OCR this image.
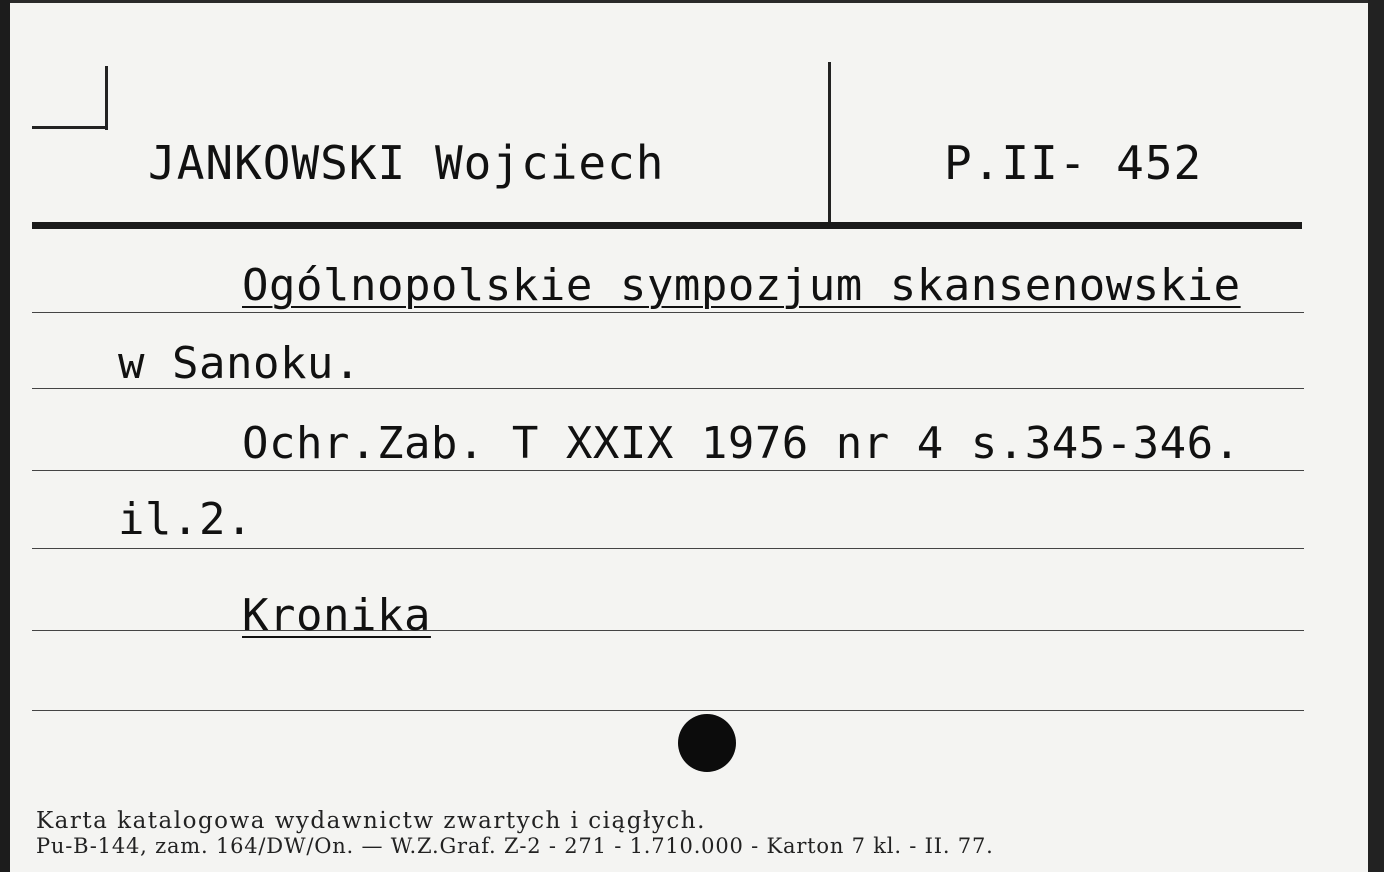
JANKOWSKI Wojciech	P.II- 452
Ogólnopolskie sympozjum skansenowskie
w Sanoku.
Ochr.Zab. T XXIX 1976 nr 4 s.345-346.
il.2.
Kronika
Karta katalogowa wydawnictw zwartych i ciągłych.
Pu-B-144, zam. 164/DW/On. — W.Z.Graf. Z-2 - 271 - 1.710.000 - Karton 7 kl. - II. 77.
